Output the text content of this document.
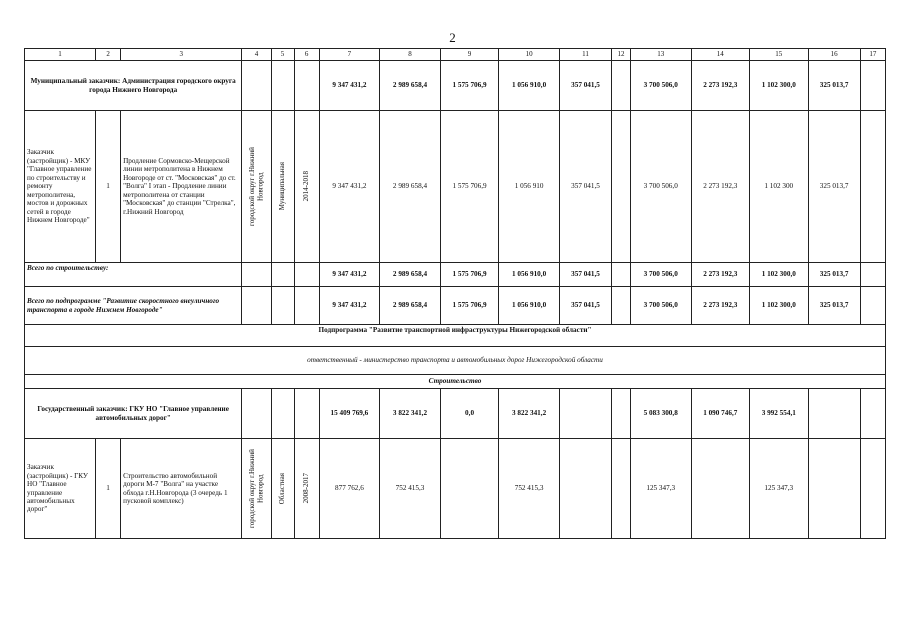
2
1	2	3	4	5	6	7	8	9	10	11	12	13	14	15	16	17
Муниципальный заказчик: Администрация городского округа города Нижнего Новгорода						9 347 431,2	2 989 658,4	1 575 706,9	1 056 910,0	357 041,5		3 700 506,0	2 273 192,3	1 102 300,0	325 013,7	
Заказчик (застройщик) - МКУ "Главное управление по строительству и ремонту метрополитена, мостов и дорожных сетей в городе Нижнем Новгороде"	1	Продление Сормовско-Мещерской линии метрополитена в Нижнем Новгороде от ст. "Московская" до ст. "Волга" I этап - Продление линии метрополитена от станции "Московская" до станции "Стрелка", г.Нижний Новгород	городской округ г.Нижний Новгород	Муниципальная	2014-2018	9 347 431,2	2 989 658,4	1 575 706,9	1 056 910	357 041,5		3 700 506,0	2 273 192,3	1 102 300	325 013,7	
Всего по строительству:						9 347 431,2	2 989 658,4	1 575 706,9	1 056 910,0	357 041,5		3 700 506,0	2 273 192,3	1 102 300,0	325 013,7	
Всего по подпрограмме "Развитие скоростного внеуличного транспорта в городе Нижнем Новгороде"						9 347 431,2	2 989 658,4	1 575 706,9	1 056 910,0	357 041,5		3 700 506,0	2 273 192,3	1 102 300,0	325 013,7	
Подпрограмма "Развитие транспортной инфраструктуры Нижегородской области"																
ответственный - министерство транспорта и автомобильных дорог Нижегородской области																
Строительство																
Государственный заказчик: ГКУ НО "Главное управление автомобильных дорог"						15 409 769,6	3 822 341,2	0,0	3 822 341,2			5 083 300,8	1 090 746,7	3 992 554,1		
Заказчик (застройщик) - ГКУ НО "Главное управление автомобильных дорог"	1	Строительство автомобильной дороги М-7 "Волга" на участке обхода г.Н.Новгорода (3 очередь 1 пусковой комплекс)	городской округ г.Нижний Новгород	Областная	2008-2017	877 762,6	752 415,3		752 415,3			125 347,3		125 347,3		
